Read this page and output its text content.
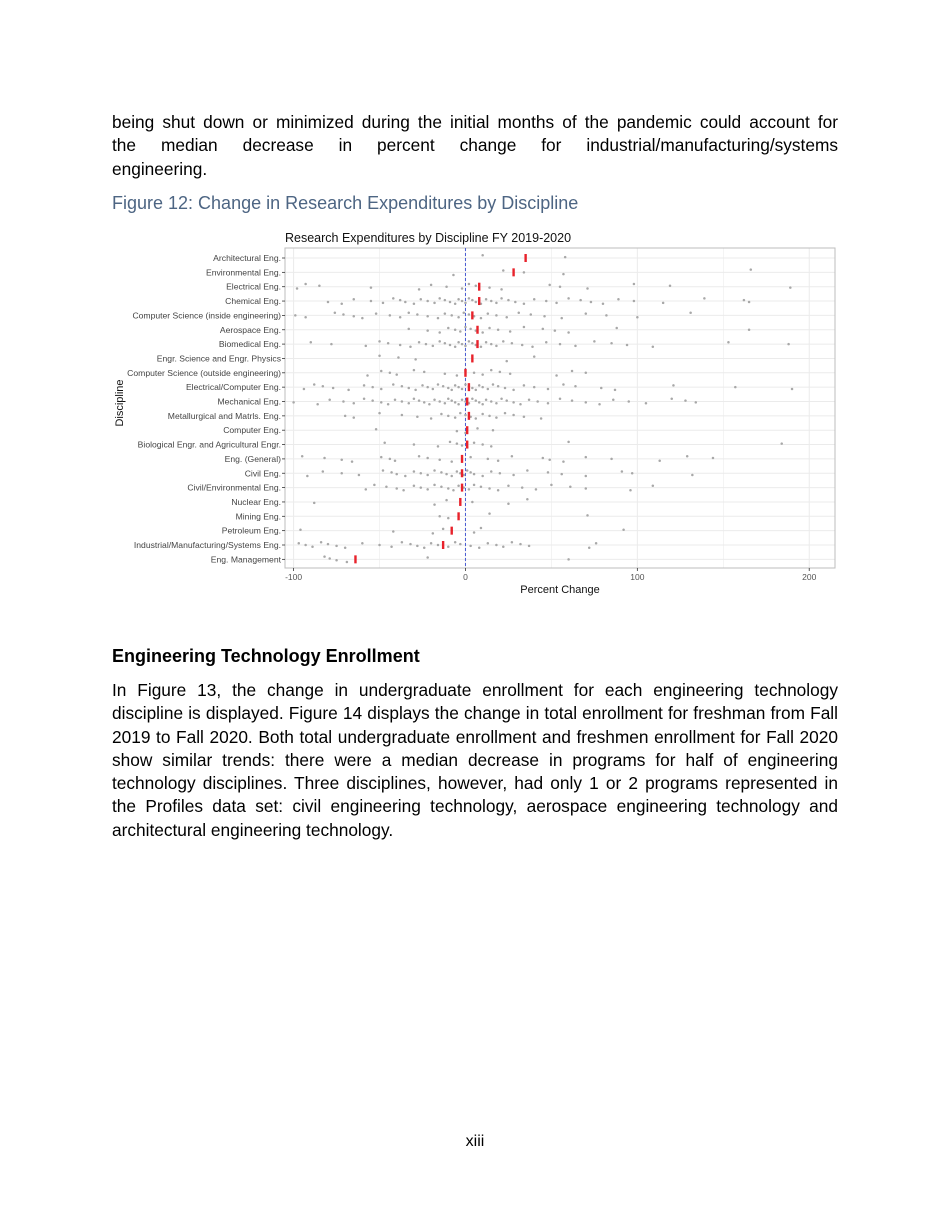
being shut down or minimized during the initial months of the pandemic could account for
the median decrease in percent change for industrial/manufacturing/systems
engineering.

Figure 12: Change in Research Expenditures by Discipline

Research Expenditures by Discipline FY 2019-2020
Architectural Eng.
Environmental Eng.
Electrical Eng.
Chemical Eng.
Computer Science (inside engineering)
Aerospace Eng.
Biomedical Eng.
Engr. Science and Engr. Physics
Computer Science (outside engineering)
Electrical/Computer Eng.
Mechanical Eng.
Metallurgical and Matrls. Eng.
Computer Eng.
Biological Engr. and Agricultural Engr.
Eng. (General)
Civil Eng.
Civil/Environmental Eng.
Nuclear Eng.
Mining Eng.
Petroleum Eng.
Industrial/Manufacturing/Systems Eng.
Eng. Management
-100	0	100	200
Percent Change
Discipline

Engineering Technology Enrollment

In Figure 13, the change in undergraduate enrollment for each engineering technology discipline is displayed. Figure 14 displays the change in total enrollment for freshman from Fall 2019 to Fall 2020. Both total undergraduate enrollment and freshmen enrollment for Fall 2020 show similar trends: there were a median decrease in programs for half of engineering technology disciplines. Three disciplines, however, had only 1 or 2 programs represented in the Profiles data set: civil engineering technology, aerospace engineering technology and architectural engineering technology.

xiii
